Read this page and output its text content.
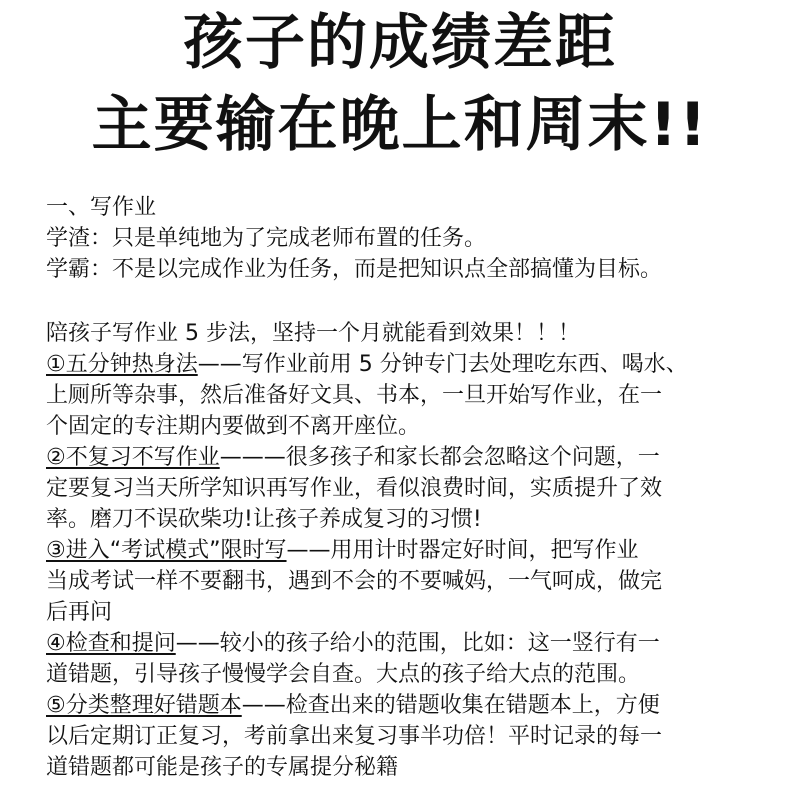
孩子的成绩差距
主要输在晚上和周末!!
一、写作业
学渣：只是单纯地为了完成老师布置的任务。
学霸：不是以完成作业为任务，而是把知识点全部搞懂为目标。
陪孩子写作业 5 步法，坚持一个月就能看到效果！！！
①五分钟热身法——写作业前用 5 分钟专门去处理吃东西、喝水、
上厕所等杂事，然后准备好文具、书本，一旦开始写作业，在一
个固定的专注期内要做到不离开座位。
②不复习不写作业———很多孩子和家长都会忽略这个问题，一
定要复习当天所学知识再写作业，看似浪费时间，实质提升了效
率。磨刀不误砍柴功!让孩子养成复习的习惯!
③进入“考试模式”限时写——用用计时器定好时间，把写作业
当成考试一样不要翻书，遇到不会的不要喊妈，一气呵成，做完
后再问
④检查和提问——较小的孩子给小的范围，比如：这一竖行有一
道错题，引导孩子慢慢学会自查。大点的孩子给大点的范围。
⑤分类整理好错题本——检查出来的错题收集在错题本上，方便
以后定期订正复习，考前拿出来复习事半功倍！平时记录的每一
道错题都可能是孩子的专属提分秘籍
